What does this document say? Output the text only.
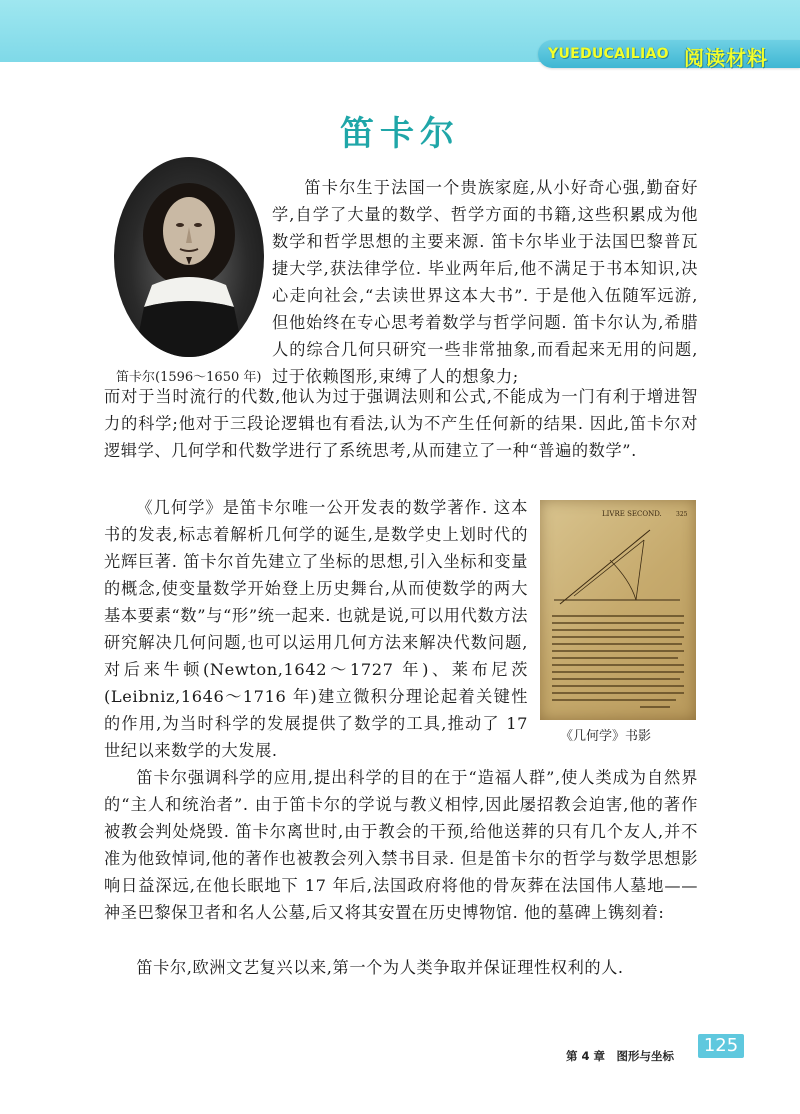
YUEDUCAILIAO 阅读材料
笛卡尔
笛卡尔(1596～1650 年)
笛卡尔生于法国一个贵族家庭,从小好奇心强,勤奋好学,自学了大量的数学、哲学方面的书籍,这些积累成为他数学和哲学思想的主要来源. 笛卡尔毕业于法国巴黎普瓦捷大学,获法律学位. 毕业两年后,他不满足于书本知识,决心走向社会,“去读世界这本大书”. 于是他入伍随军远游, 但他始终在专心思考着数学与哲学问题. 笛卡尔认为,希腊人的综合几何只研究一些非常抽象,而看起来无用的问题,过于依赖图形,束缚了人的想象力;
而对于当时流行的代数,他认为过于强调法则和公式,不能成为一门有利于增进智力的科学;他对于三段论逻辑也有看法,认为不产生任何新的结果. 因此,笛卡尔对逻辑学、几何学和代数学进行了系统思考,从而建立了一种“普遍的数学”.
《几何学》是笛卡尔唯一公开发表的数学著作. 这本书的发表,标志着解析几何学的诞生,是数学史上划时代的光辉巨著. 笛卡尔首先建立了坐标的思想,引入坐标和变量的概念,使变量数学开始登上历史舞台,从而使数学的两大基本要素“数”与“形”统一起来. 也就是说,可以用代数方法研究解决几何问题,也可以运用几何方法来解决代数问题, 对后来牛顿(Newton,1642～1727 年)、莱布尼茨(Leibniz,1646～1716 年)建立微积分理论起着关键性的作用,为当时科学的发展提供了数学的工具,推动了 17 世纪以来数学的大发展.
LIVRE SECOND. 325
《几何学》书影
笛卡尔强调科学的应用,提出科学的目的在于“造福人群”,使人类成为自然界的“主人和统治者”. 由于笛卡尔的学说与教义相悖,因此屡招教会迫害,他的著作被教会判处烧毁. 笛卡尔离世时,由于教会的干预,给他送葬的只有几个友人,并不准为他致悼词,他的著作也被教会列入禁书目录. 但是笛卡尔的哲学与数学思想影响日益深远,在他长眠地下 17 年后,法国政府将他的骨灰葬在法国伟人墓地——神圣巴黎保卫者和名人公墓,后又将其安置在历史博物馆. 他的墓碑上镌刻着:
笛卡尔,欧洲文艺复兴以来,第一个为人类争取并保证理性权利的人.
第 4 章　图形与坐标	125
